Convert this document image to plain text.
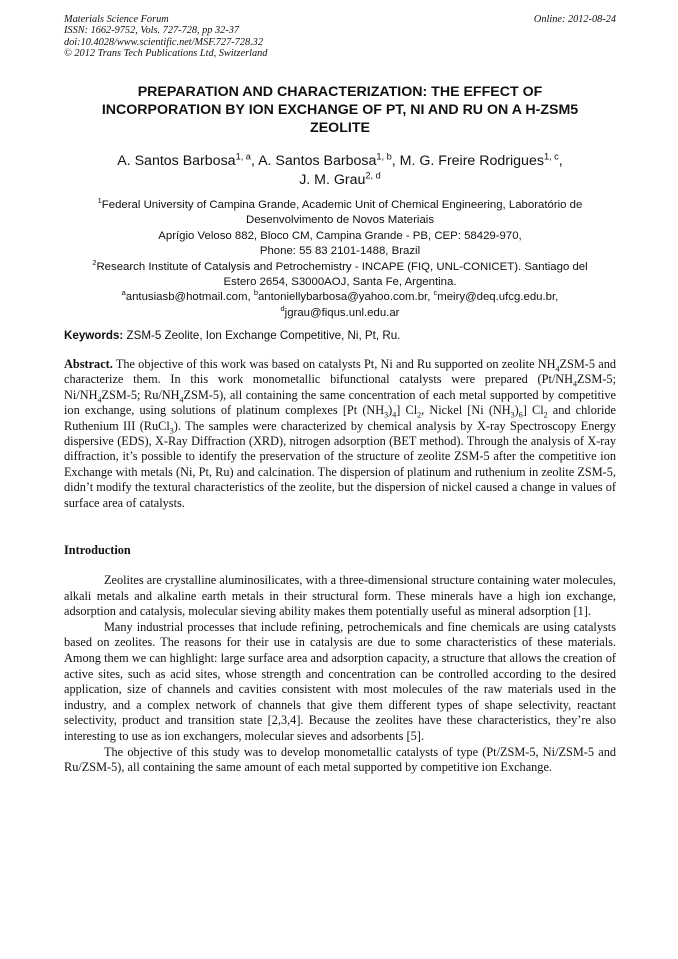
Materials Science Forum
ISSN: 1662-9752, Vols. 727-728, pp 32-37
doi:10.4028/www.scientific.net/MSF.727-728.32
© 2012 Trans Tech Publications Ltd, Switzerland
Online: 2012-08-24
PREPARATION AND CHARACTERIZATION: THE EFFECT OF
INCORPORATION BY ION EXCHANGE OF PT, NI AND RU ON A H-ZSM5
ZEOLITE
A. Santos Barbosa$^{1, a}$, A. Santos Barbosa$^{1, b}$, M. G. Freire Rodrigues$^{1, c}$,
J. M. Grau$^{2, d}$
$^1$Federal University of Campina Grande, Academic Unit of Chemical Engineering, Laboratório de
Desenvolvimento de Novos Materiais
Aprígio Veloso 882, Bloco CM, Campina Grande - PB, CEP: 58429-970,
Phone: 55 83 2101-1488, Brazil
$^2$Research Institute of Catalysis and Petrochemistry - INCAPE (FIQ, UNL-CONICET). Santiago del
Estero 2654, S3000AOJ, Santa Fe, Argentina.
$^a$antusiasb@hotmail.com, $^b$antoniellybarbosa@yahoo.com.br, $^c$meiry@deq.ufcg.edu.br,
$^d$jgrau@fiqus.unl.edu.ar
Keywords: ZSM-5 Zeolite, Ion Exchange Competitive, Ni, Pt, Ru.
Abstract. The objective of this work was based on catalysts Pt, Ni and Ru supported on zeolite $NH_4ZSM-5$ and characterize them. In this work monometallic bifunctional catalysts were prepared ($Pt/NH_4ZSM-5$; $Ni/NH_4ZSM-5$; $Ru/NH_4ZSM-5$), all containing the same concentration of each metal supported by competitive ion exchange, using solutions of platinum complexes [Pt $(NH_3)_4$] $Cl_2$, Nickel [Ni $(NH_3)_6$] $Cl_2$ and chloride Ruthenium III (RuCl$_3$). The samples were characterized by chemical analysis by X-ray Spectroscopy Energy dispersive (EDS), X-Ray Diffraction (XRD), nitrogen adsorption (BET method). Through the analysis of X-ray diffraction, it’s possible to identify the preservation of the structure of zeolite ZSM-5 after the competitive ion Exchange with metals (Ni, Pt, Ru) and calcination. The dispersion of platinum and ruthenium in zeolite ZSM-5, didn’t modify the textural characteristics of the zeolite, but the dispersion of nickel caused a change in values of surface area of catalysts.
Introduction

Zeolites are crystalline aluminosilicates, with a three-dimensional structure containing water molecules, alkali metals and alkaline earth metals in their structural form. These minerals have a high ion exchange, adsorption and catalysis, molecular sieving ability makes them potentially useful as mineral adsorption [1].

Many industrial processes that include refining, petrochemicals and fine chemicals are using catalysts based on zeolites. The reasons for their use in catalysis are due to some characteristics of these materials. Among them we can highlight: large surface area and adsorption capacity, a structure that allows the creation of active sites, such as acid sites, whose strength and concentration can be controlled according to the desired application, size of channels and cavities consistent with most molecules of the raw materials used in the industry, and a complex network of channels that give them different types of shape selectivity, reactant selectivity, product and transition state [2,3,4]. Because the zeolites have these characteristics, they’re also interesting to use as ion exchangers, molecular sieves and adsorbents [5].

The objective of this study was to develop monometallic catalysts of type (Pt/ZSM-5, Ni/ZSM-5 and Ru/ZSM-5), all containing the same amount of each metal supported by competitive ion Exchange.
